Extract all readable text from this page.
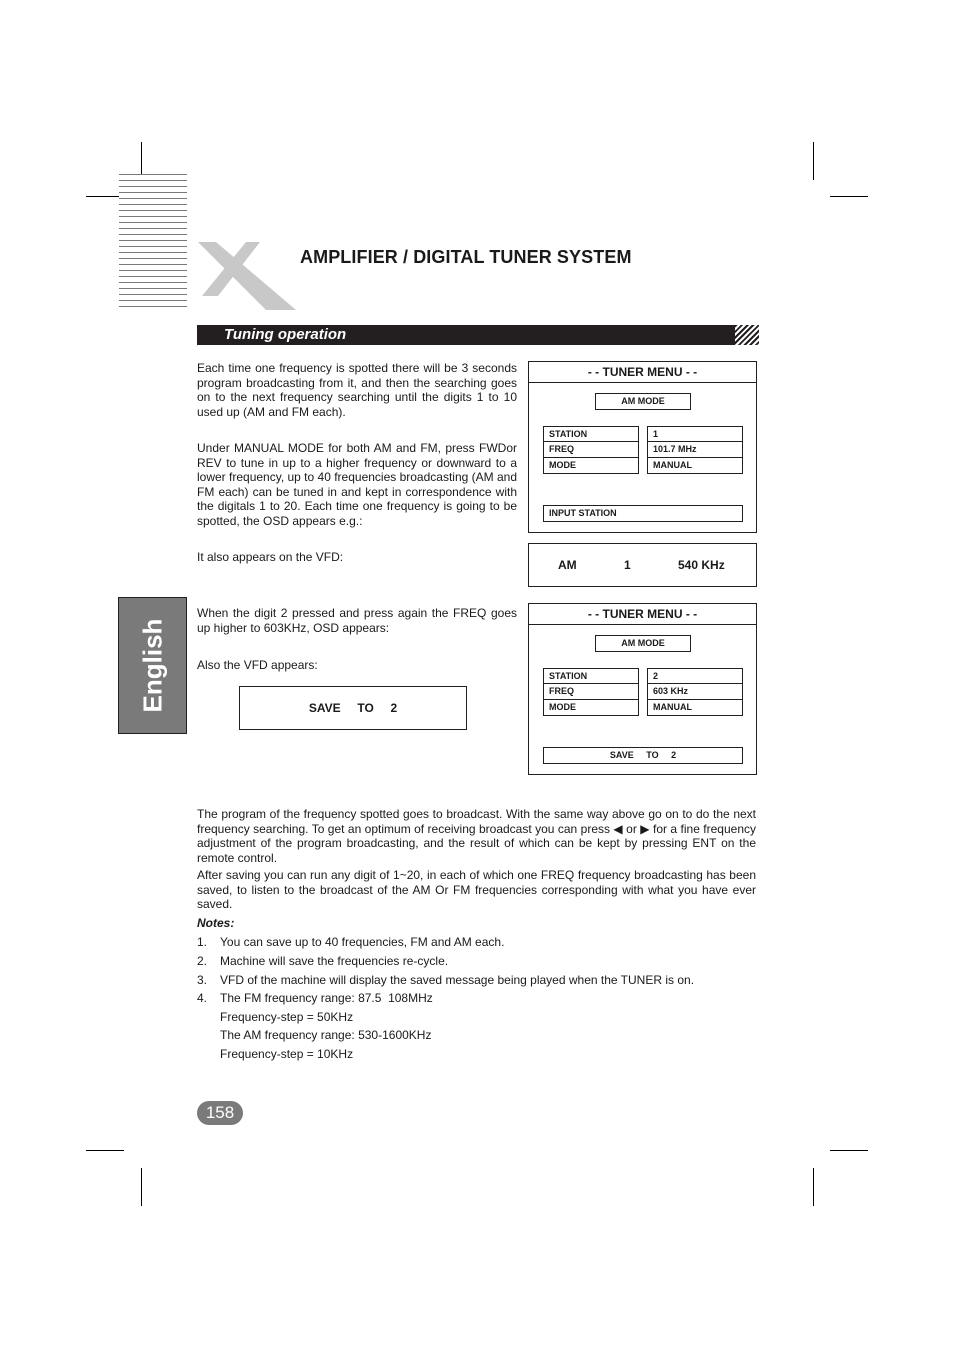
AMPLIFIER / DIGITAL TUNER SYSTEM
Tuning operation
Each time one frequency is spotted there will be 3 seconds program broadcasting from it, and then the searching goes on to the next frequency searching until the digits 1 to 10 used up (AM and FM each).
Under MANUAL MODE for both AM and FM, press FWDor REV to tune in up to a higher frequency or downward to a lower frequency, up to 40 frequencies broadcasting (AM and FM each) can be tuned in and kept in correspondence with the digitals 1 to 20. Each time one frequency is going to be spotted, the OSD appears e.g.:
It also appears on the VFD:
When the digit 2 pressed and press again the FREQ goes up higher to 603KHz, OSD appears:
Also the VFD appears:
- - TUNER MENU - -
AM MODE
STATION
FREQ
MODE
1
101.7 MHz
MANUAL
INPUT STATION
AM	1	540 KHz
- - TUNER MENU - -
AM MODE
STATION
FREQ
MODE
2
603 KHz
MANUAL
SAVE     TO     2
SAVE     TO     2
English
The program of the frequency spotted goes to broadcast. With the same way above go on to do the next frequency searching. To get an optimum of receiving broadcast you can press ◀ or ▶ for a fine frequency adjustment of the program broadcasting, and the result of which can be kept by pressing ENT on the remote control.
After saving you can run any digit of 1~20, in each of which one FREQ frequency broadcasting has been saved, to listen to the broadcast of the AM Or FM frequencies corresponding with what you have ever saved.
Notes:
1. You can save up to 40 frequencies, FM and AM each.
2. Machine will save the frequencies re-cycle.
3. VFD of the machine will display the saved message being played when the TUNER is on.
4. The FM frequency range: 87.5  108MHz
Frequency-step = 50KHz
The AM frequency range: 530-1600KHz
Frequency-step = 10KHz
158
